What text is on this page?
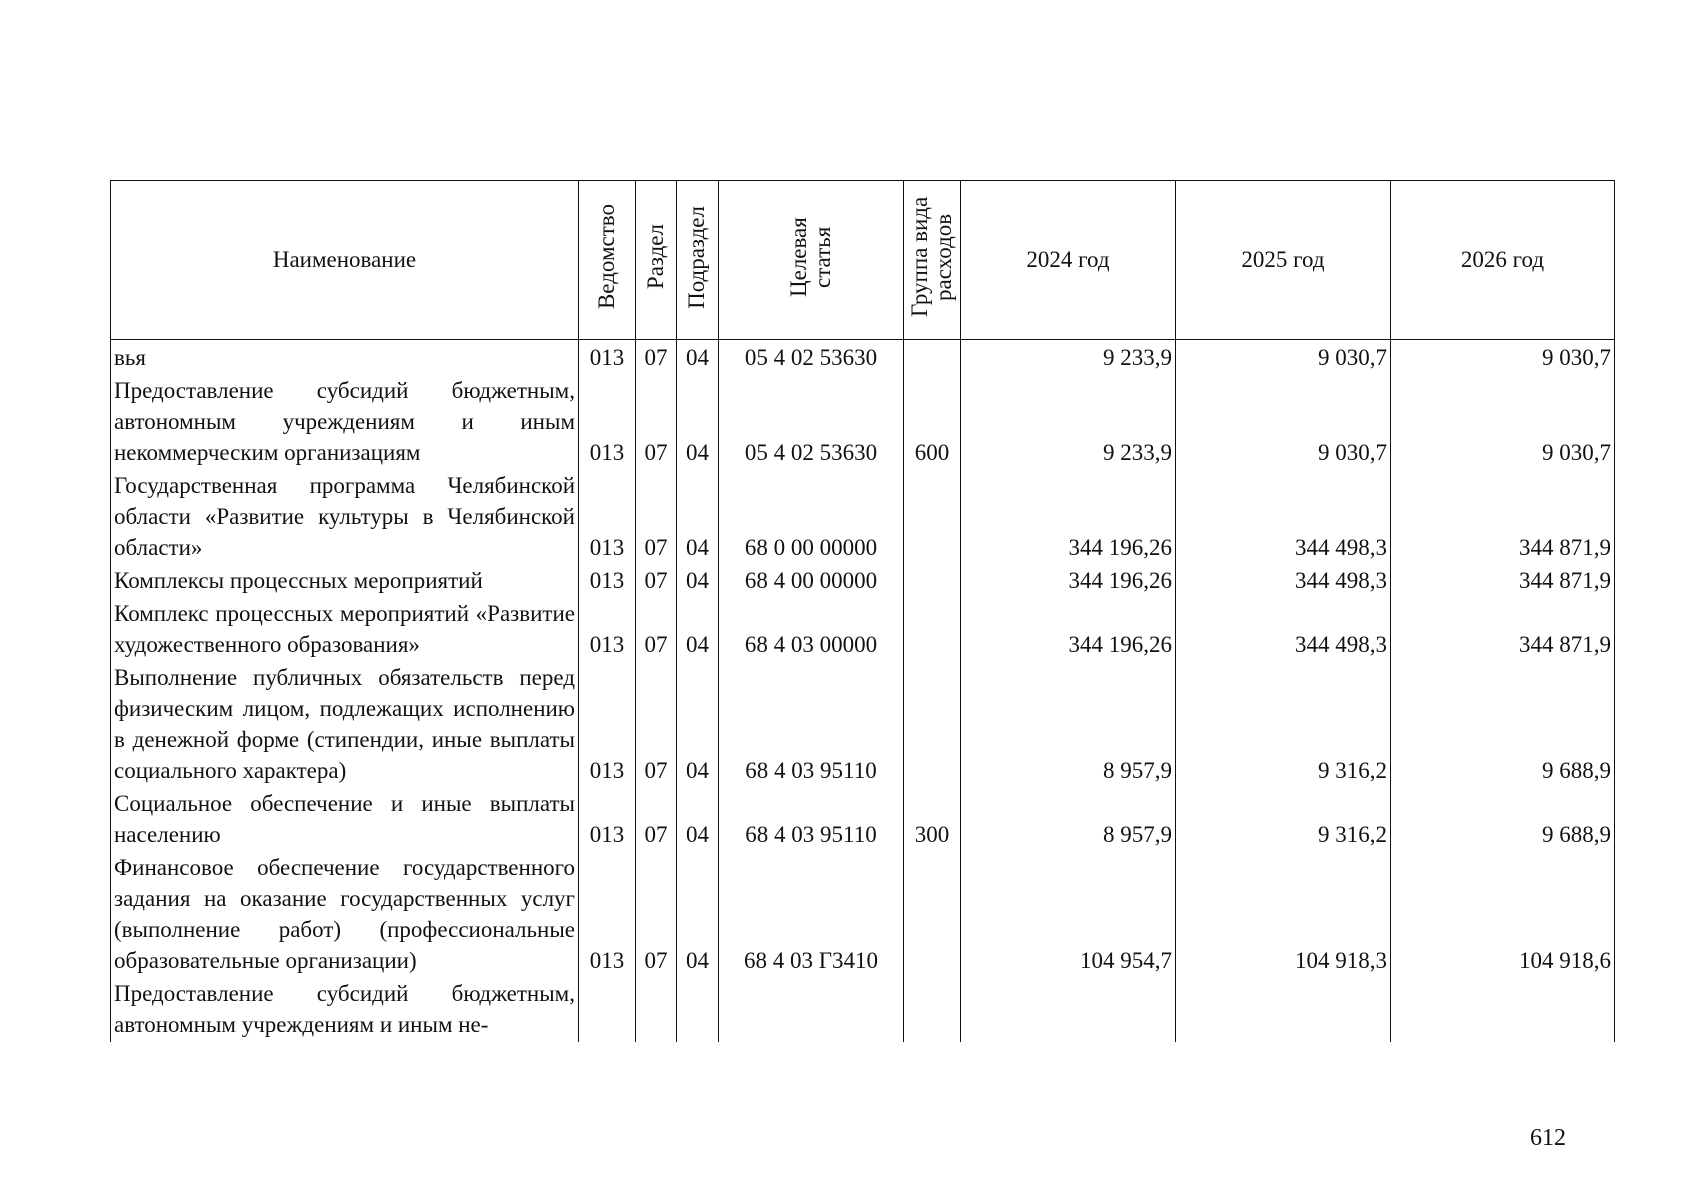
Наименование	Ведомство	Раздел	Подраздел	Целевая статья	Группа вида расходов	2024 год	2025 год	2026 год
вья	013	07	04	05 4 02 53630		9 233,9	9 030,7	9 030,7
Предоставление субсидий бюджетным, автономным учреждениям и иным некоммерческим организациям	013	07	04	05 4 02 53630	600	9 233,9	9 030,7	9 030,7
Государственная программа Челябинской области «Развитие культуры в Челябинской области»	013	07	04	68 0 00 00000		344 196,26	344 498,3	344 871,9
Комплексы процессных мероприятий	013	07	04	68 4 00 00000		344 196,26	344 498,3	344 871,9
Комплекс процессных мероприятий «Развитие художественного образования»	013	07	04	68 4 03 00000		344 196,26	344 498,3	344 871,9
Выполнение публичных обязательств перед физическим лицом, подлежащих исполнению в денежной форме (стипендии, иные выплаты социального характера)	013	07	04	68 4 03 95110		8 957,9	9 316,2	9 688,9
Социальное обеспечение и иные выплаты населению	013	07	04	68 4 03 95110	300	8 957,9	9 316,2	9 688,9
Финансовое обеспечение государственного задания на оказание государственных услуг (выполнение работ) (профессиональные образовательные организации)	013	07	04	68 4 03 Г3410		104 954,7	104 918,3	104 918,6
Предоставление субсидий бюджетным, автономным учреждениям и иным не-								
612
